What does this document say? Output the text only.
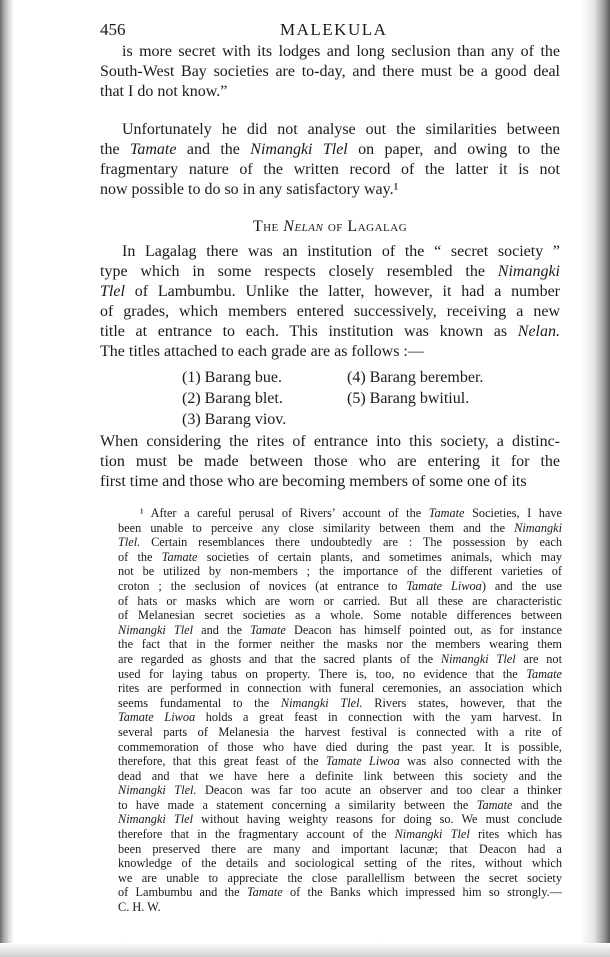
456	MALEKULA
is more secret with its lodges and long seclusion than any of the
South-West Bay societies are to-day, and there must be a good deal
that I do not know.”
Unfortunately he did not analyse out the similarities between
the Tamate and the Nimangki Tlel on paper, and owing to the
fragmentary nature of the written record of the latter it is not
now possible to do so in any satisfactory way.¹
In Lagalag there was an institution of the “ secret society ”
type which in some respects closely resembled the Nimangki
Tlel of Lambumbu. Unlike the latter, however, it had a number
of grades, which members entered successively, receiving a new
title at entrance to each. This institution was known as Nelan.
The titles attached to each grade are as follows :—
When considering the rites of entrance into this society, a distinc-
tion must be made between those who are entering it for the
first time and those who are becoming members of some one of its
The Nelan of Lagalag
(1) Barang bue.
(2) Barang blet.
(3) Barang viov.
(4) Barang berember.
(5) Barang bwitiul.
¹ After a careful perusal of Rivers’ account of the Tamate Societies, I have
been unable to perceive any close similarity between them and the Nimangki
Tlel. Certain resemblances there undoubtedly are : The possession by each
of the Tamate societies of certain plants, and sometimes animals, which may
not be utilized by non-members ; the importance of the different varieties of
croton ; the seclusion of novices (at entrance to Tamate Liwoa) and the use
of hats or masks which are worn or carried. But all these are characteristic
of Melanesian secret societies as a whole. Some notable differences between
Nimangki Tlel and the Tamate Deacon has himself pointed out, as for instance
the fact that in the former neither the masks nor the members wearing them
are regarded as ghosts and that the sacred plants of the Nimangki Tlel are not
used for laying tabus on property. There is, too, no evidence that the Tamate
rites are performed in connection with funeral ceremonies, an association which
seems fundamental to the Nimangki Tlel. Rivers states, however, that the
Tamate Liwoa holds a great feast in connection with the yam harvest. In
several parts of Melanesia the harvest festival is connected with a rite of
commemoration of those who have died during the past year. It is possible,
therefore, that this great feast of the Tamate Liwoa was also connected with the
dead and that we have here a definite link between this society and the
Nimangki Tlel. Deacon was far too acute an observer and too clear a thinker
to have made a statement concerning a similarity between the Tamate and the
Nimangki Tlel without having weighty reasons for doing so. We must conclude
therefore that in the fragmentary account of the Nimangki Tlel rites which has
been preserved there are many and important lacunæ; that Deacon had a
knowledge of the details and sociological setting of the rites, without which
we are unable to appreciate the close parallellism between the secret society
of Lambumbu and the Tamate of the Banks which impressed him so strongly.—
C. H. W.
